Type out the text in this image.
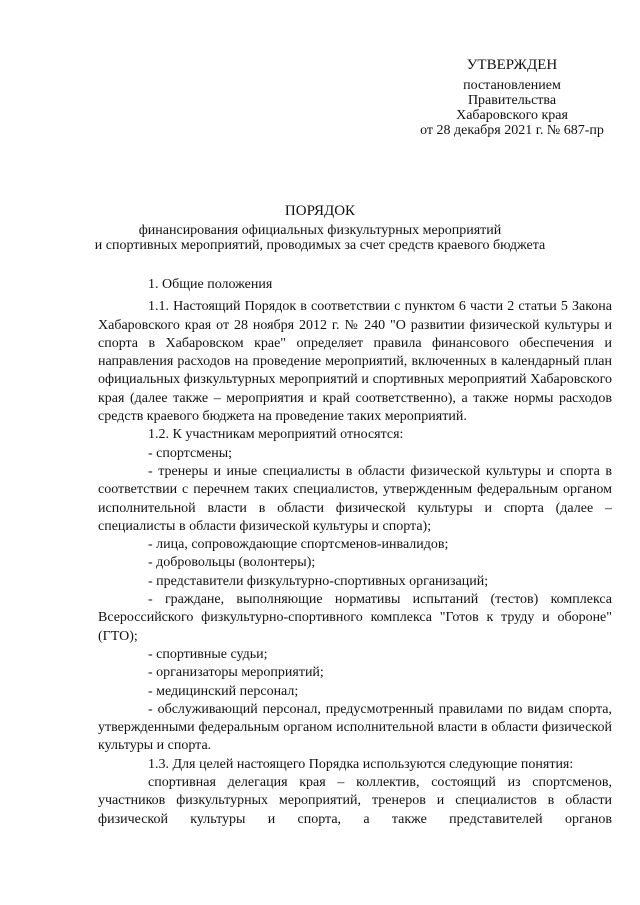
УТВЕРЖДЕН
постановлением
Правительства
Хабаровского края
от 28 декабря 2021 г. № 687-пр
ПОРЯДОК
финансирования официальных физкультурных мероприятий
и спортивных мероприятий, проводимых за счет средств краевого бюджета

1. Общие положения

1.1. Настоящий Порядок в соответствии с пунктом 6 части 2 статьи 5 Закона Хабаровского края от 28 ноября 2012 г. № 240 "О развитии физической культуры и спорта в Хабаровском крае" определяет правила финансового обеспечения и направления расходов на проведение мероприятий, включенных в календарный план официальных физкультурных мероприятий и спортивных мероприятий Хабаровского края (далее также – мероприятия и край соответственно), а также нормы расходов средств краевого бюджета на проведение таких мероприятий.

1.2. К участникам мероприятий относятся:

- спортсмены;

- тренеры и иные специалисты в области физической культуры и спорта в соответствии с перечнем таких специалистов, утвержденным федеральным органом исполнительной власти в области физической культуры и спорта (далее – специалисты в области физической культуры и спорта);

- лица, сопровождающие спортсменов-инвалидов;

- добровольцы (волонтеры);

- представители физкультурно-спортивных организаций;

- граждане, выполняющие нормативы испытаний (тестов) комплекса Всероссийского физкультурно-спортивного комплекса "Готов к труду и обороне" (ГТО);

- спортивные судьи;

- организаторы мероприятий;

- медицинский персонал;

- обслуживающий персонал, предусмотренный правилами по видам спорта, утвержденными федеральным органом исполнительной власти в области физической культуры и спорта.

1.3. Для целей настоящего Порядка используются следующие понятия:

спортивная делегация края – коллектив, состоящий из спортсменов, участников физкультурных мероприятий, тренеров и специалистов в области физической культуры и спорта, а также представителей органов
